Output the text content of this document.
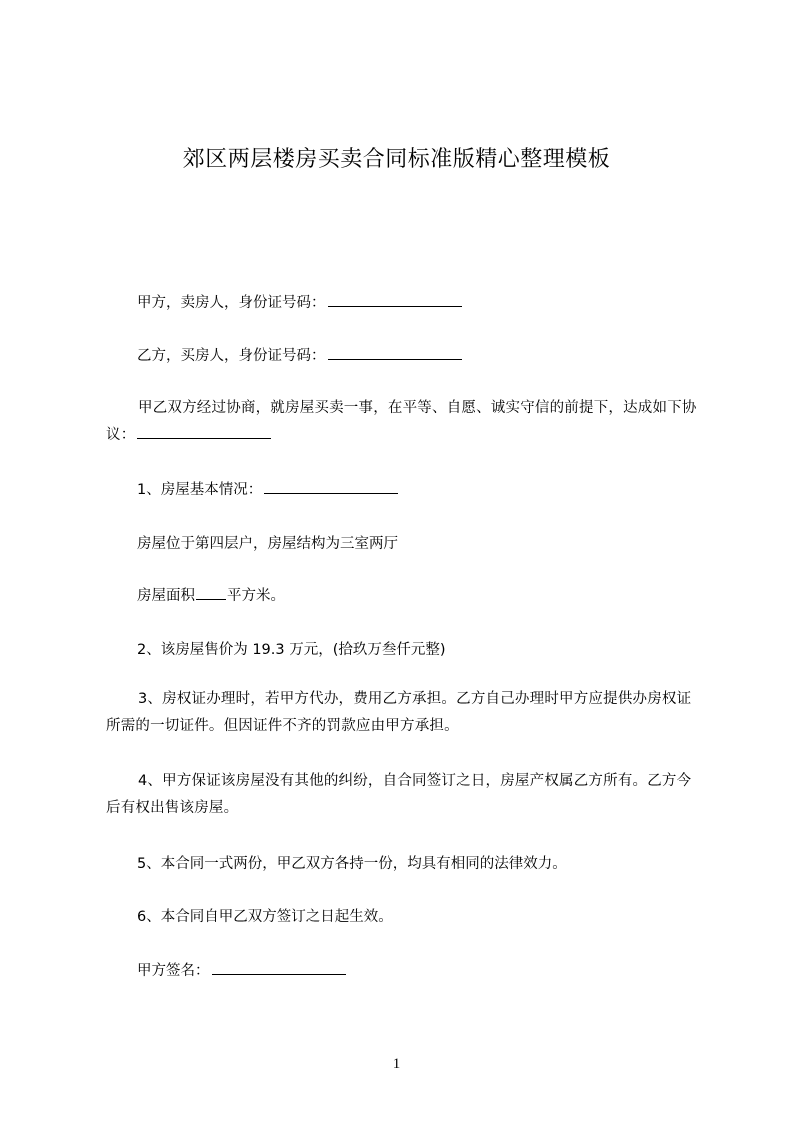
郊区两层楼房买卖合同标准版精心整理模板
甲方，卖房人，身份证号码：
乙方，买房人，身份证号码：
甲乙双方经过协商，就房屋买卖一事，在平等、自愿、诚实守信的前提下，达成如下协议：
1、房屋基本情况：
房屋位于第四层户，房屋结构为三室两厅
房屋面积 平方米。
2、该房屋售价为 19.3 万元，(拾玖万叁仟元整)
3、房权证办理时，若甲方代办，费用乙方承担。乙方自己办理时甲方应提供办房权证所需的一切证件。但因证件不齐的罚款应由甲方承担。
4、甲方保证该房屋没有其他的纠纷，自合同签订之日，房屋产权属乙方所有。乙方今后有权出售该房屋。
5、本合同一式两份，甲乙双方各持一份，均具有相同的法律效力。
6、本合同自甲乙双方签订之日起生效。
甲方签名：
1
